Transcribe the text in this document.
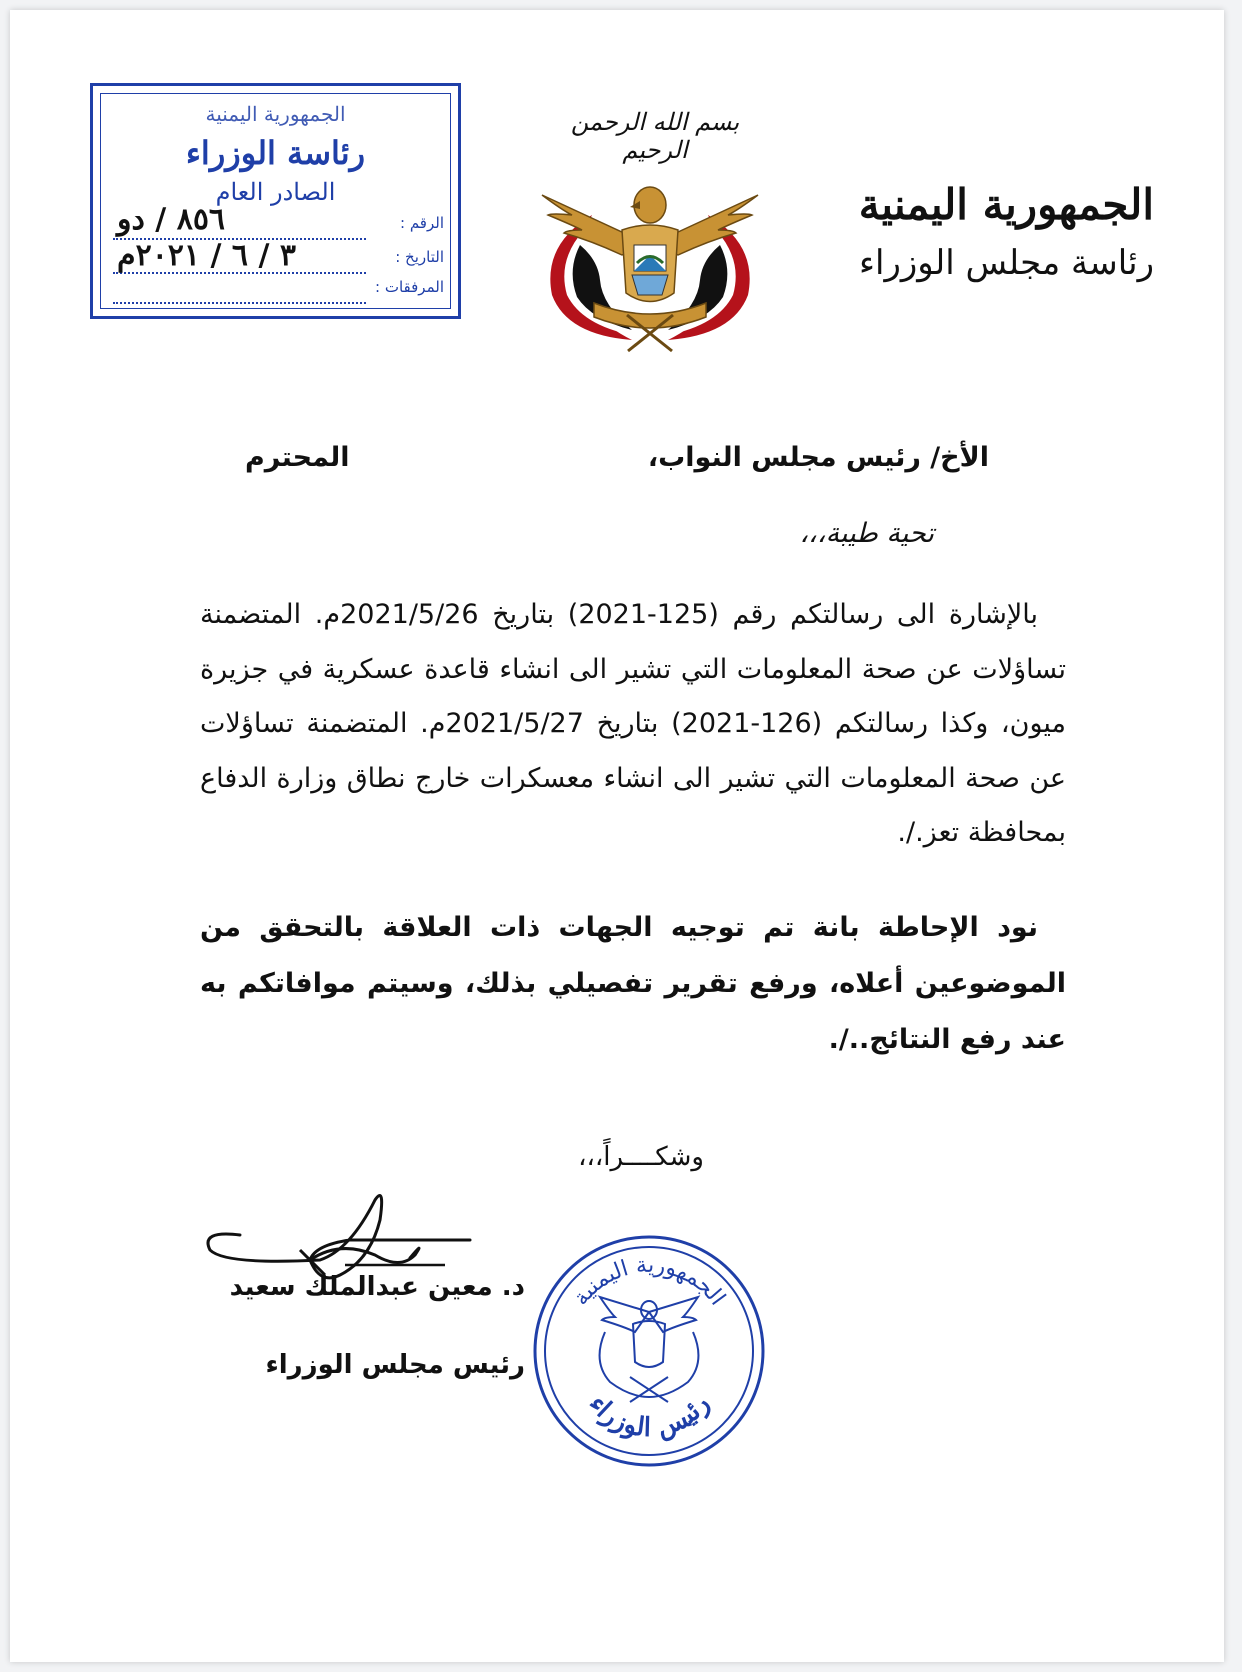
الجمهورية اليمنية
رئاسة مجلس الوزراء
بسم الله الرحمن الرحيم
الجمهورية اليمنية
رئاسة الوزراء
الصادر العام
الرقم :
٨٥٦ / دو
التاريخ :
المرفقات :
٣ / ٦ / ٢٠٢١م
الأخ/ رئيس مجلس النواب،
المحترم
تحية طيبة،،،
بالإشارة الى رسالتكم رقم (125-2021) بتاريخ 2021/5/26م. المتضمنة تساؤلات عن صحة المعلومات التي تشير الى انشاء قاعدة عسكرية في جزيرة ميون، وكذا رسالتكم (126-2021) بتاريخ 2021/5/27م. المتضمنة تساؤلات عن صحة المعلومات التي تشير الى انشاء معسكرات خارج نطاق وزارة الدفاع بمحافظة تعز./.
نود الإحاطة بانة تم توجيه الجهات ذات العلاقة بالتحقق من الموضوعين أعلاه، ورفع تقرير تفصيلي بذلك، وسيتم موافاتكم به عند رفع النتائج../.
وشكــــراً،،،
د. معين عبدالملك سعيد
رئيس مجلس الوزراء
الجمهورية اليمنية
رئيس الوزراء
